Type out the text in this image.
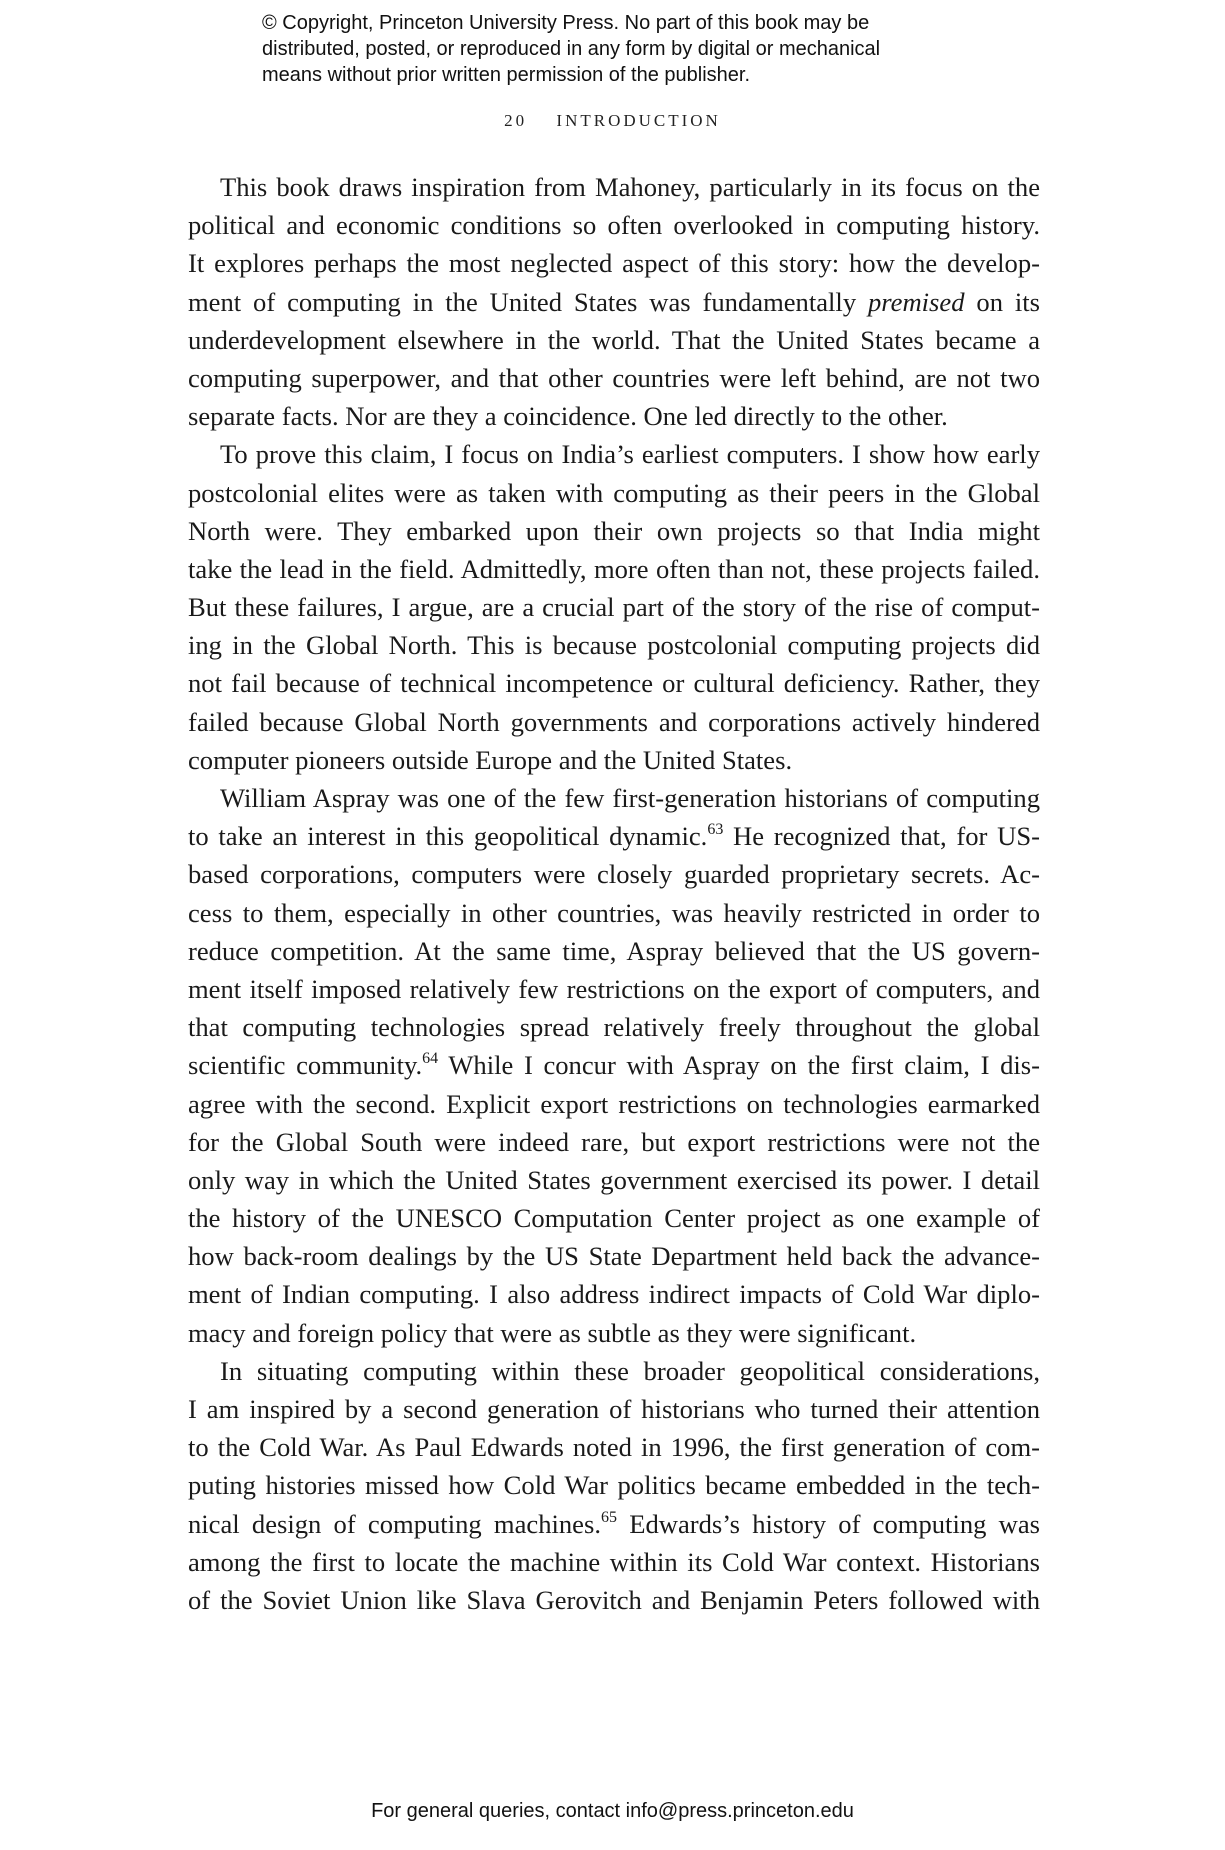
© Copyright, Princeton University Press. No part of this book may be
distributed, posted, or reproduced in any form by digital or mechanical
means without prior written permission of the publisher.
20 INTRODUCTION
This book draws inspiration from Mahoney, particularly in its focus on the
political and economic conditions so often overlooked in computing history.
It explores perhaps the most neglected aspect of this story: how the develop-
ment of computing in the United States was fundamentally premised on its
underdevelopment elsewhere in the world. That the United States became a
computing superpower, and that other countries were left behind, are not two
separate facts. Nor are they a coincidence. One led directly to the other.
To prove this claim, I focus on India’s earliest computers. I show how early
postcolonial elites were as taken with computing as their peers in the Global
North were. They embarked upon their own projects so that India might
take the lead in the field. Admittedly, more often than not, these projects failed.
But these failures, I argue, are a crucial part of the story of the rise of comput-
ing in the Global North. This is because postcolonial computing projects did
not fail because of technical incompetence or cultural deficiency. Rather, they
failed because Global North governments and corporations actively hindered
computer pioneers outside Europe and the United States.
William Aspray was one of the few first-generation historians of computing
to take an interest in this geopolitical dynamic.$^{63}$ He recognized that, for US-
based corporations, computers were closely guarded proprietary secrets. Ac-
cess to them, especially in other countries, was heavily restricted in order to
reduce competition. At the same time, Aspray believed that the US govern-
ment itself imposed relatively few restrictions on the export of computers, and
that computing technologies spread relatively freely throughout the global
scientific community.$^{64}$ While I concur with Aspray on the first claim, I dis-
agree with the second. Explicit export restrictions on technologies earmarked
for the Global South were indeed rare, but export restrictions were not the
only way in which the United States government exercised its power. I detail
the history of the UNESCO Computation Center project as one example of
how back-room dealings by the US State Department held back the advance-
ment of Indian computing. I also address indirect impacts of Cold War diplo-
macy and foreign policy that were as subtle as they were significant.
In situating computing within these broader geopolitical considerations,
I am inspired by a second generation of historians who turned their attention
to the Cold War. As Paul Edwards noted in 1996, the first generation of com-
puting histories missed how Cold War politics became embedded in the tech-
nical design of computing machines.$^{65}$ Edwards’s history of computing was
among the first to locate the machine within its Cold War context. Historians
of the Soviet Union like Slava Gerovitch and Benjamin Peters followed with
For general queries, contact info@press.princeton.edu
